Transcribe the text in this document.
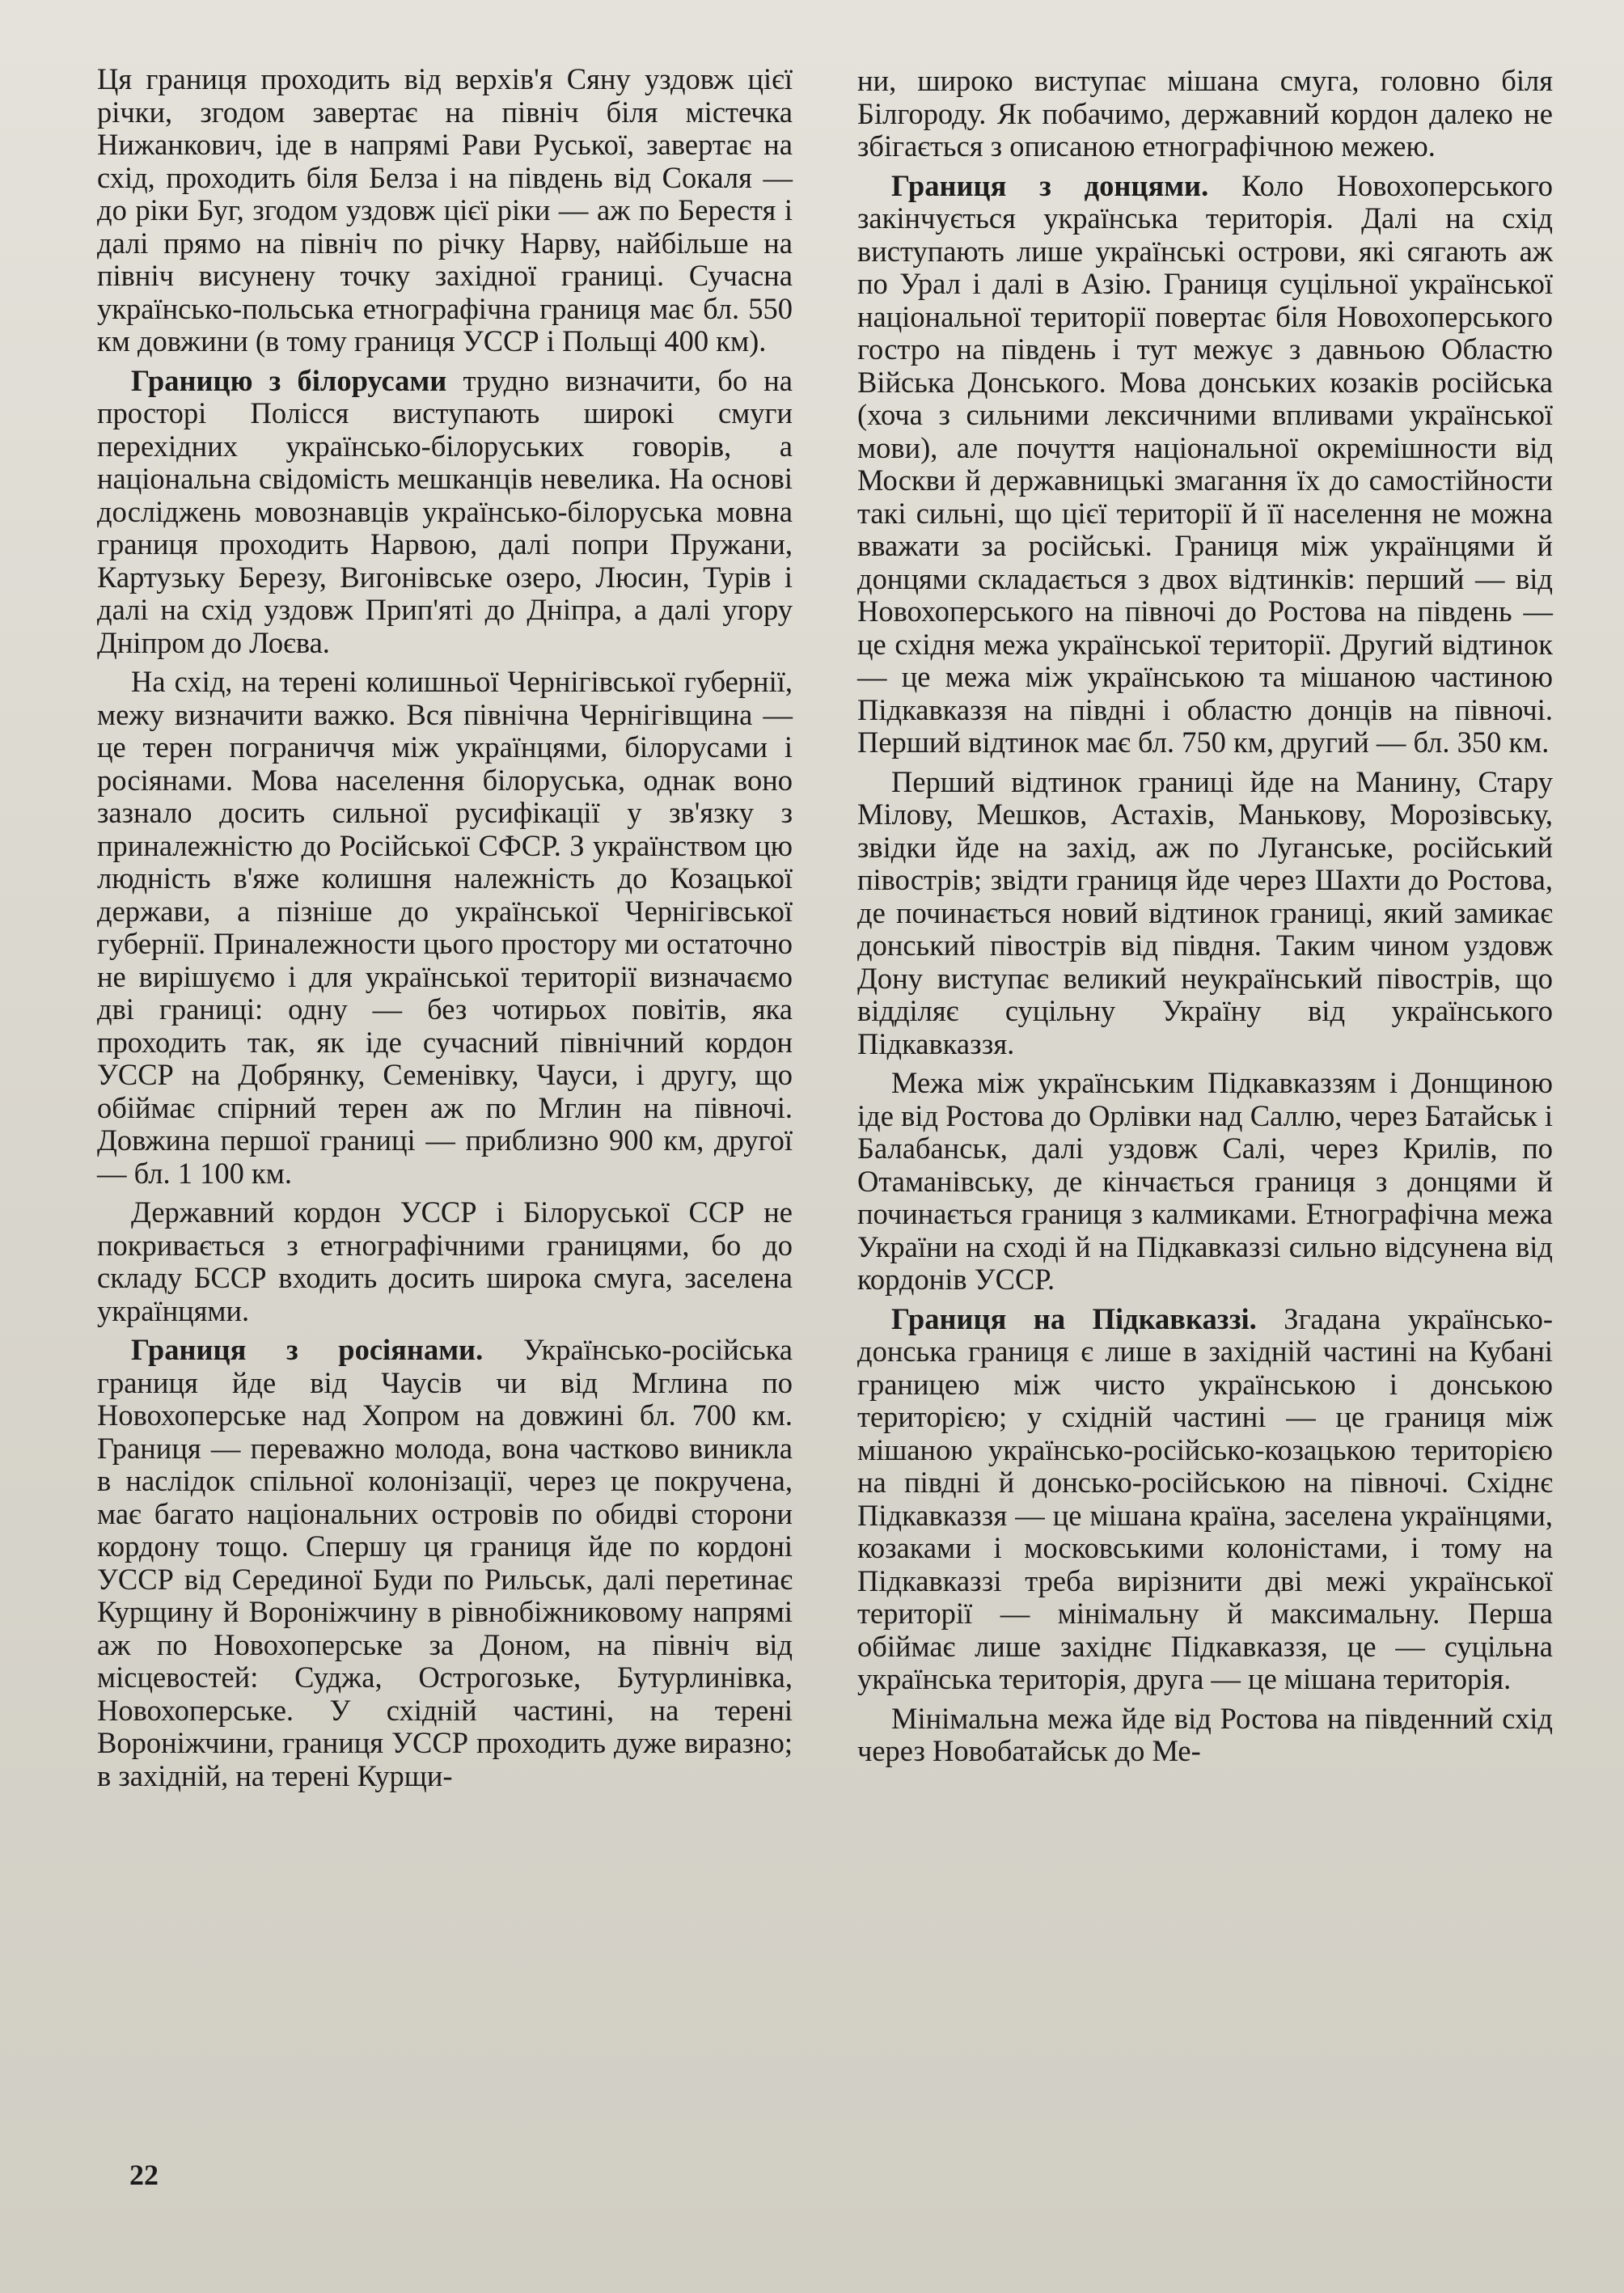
Ця границя проходить від верхів'я Сяну уздовж цієї річки, згодом завертає на північ біля містечка Нижанкович, іде в напрямі Рави Руської, завертає на схід, проходить біля Белза і на південь від Сокаля — до ріки Буг, згодом уздовж цієї ріки — аж по Берестя і далі прямо на північ по річку Нарву, найбільше на північ висунену точку західної границі. Сучасна українсько-польська етнографічна границя має бл. 550 км довжини (в тому границя УССР і Польщі 400 км).

Границю з білорусами трудно визначити, бо на просторі Полісся виступають широкі смуги перехідних українсько-білоруських говорів, а національна свідомість мешканців невелика. На основі досліджень мовознавців українсько-білоруська мовна границя проходить Нарвою, далі попри Пружани, Картузьку Березу, Вигонівське озеро, Люсин, Турів і далі на схід уздовж Прип'яті до Дніпра, а далі угору Дніпром до Лоєва.

На схід, на терені колишньої Чернігівської губернії, межу визначити важко. Вся північна Чернігівщина — це терен пограниччя між українцями, білорусами і росіянами. Мова населення білоруська, однак воно зазнало досить сильної русифікації у зв'язку з приналежністю до Російської СФСР. З українством цю людність в'яже колишня належність до Козацької держави, а пізніше до української Чернігівської губернії. Приналежности цього простору ми остаточно не вирішуємо і для української території визначаємо дві границі: одну — без чотирьох повітів, яка проходить так, як іде сучасний північний кордон УССР на Добрянку, Семенівку, Чауси, і другу, що обіймає спірний терен аж по Мглин на півночі. Довжина першої границі — приблизно 900 км, другої — бл. 1 100 км.

Державний кордон УССР і Білоруської ССР не покривається з етнографічними границями, бо до складу БССР входить досить широка смуга, заселена українцями.

Границя з росіянами. Українсько-російська границя йде від Чаусів чи від Мглина по Новохоперське над Хопром на довжині бл. 700 км. Границя — переважно молода, вона частково виникла в наслідок спільної колонізації, через це покручена, має багато національних островів по обидві сторони кордону тощо. Спершу ця границя йде по кордоні УССР від Серединої Буди по Рильськ, далі перетинає Курщину й Вороніжчину в рівнобіжниковому напрямі аж по Новохоперське за Доном, на північ від місцевостей: Суджа, Острогозьке, Бутурлинівка, Новохоперське. У східній частині, на терені Вороніжчини, границя УССР проходить дуже виразно; в західній, на терені Курщи-

ни, широко виступає мішана смуга, головно біля Білгороду. Як побачимо, державний кордон далеко не збігається з описаною етнографічною межею.

Границя з донцями. Коло Новохоперського закінчується українська територія. Далі на схід виступають лише українські острови, які сягають аж по Урал і далі в Азію. Границя суцільної української національної території повертає біля Новохоперського гостро на південь і тут межує з давньою Областю Війська Донського. Мова донських козаків російська (хоча з сильними лексичними впливами української мови), але почуття національної окремішности від Москви й державницькі змагання їх до самостійности такі сильні, що цієї території й її населення не можна вважати за російські. Границя між українцями й донцями складається з двох відтинків: перший — від Новохоперського на півночі до Ростова на південь — це східня межа української території. Другий відтинок — це межа між українською та мішаною частиною Підкавказзя на півдні і областю донців на півночі. Перший відтинок має бл. 750 км, другий — бл. 350 км.

Перший відтинок границі йде на Манину, Стару Мілову, Мешков, Астахів, Манькову, Морозівську, звідки йде на захід, аж по Луганське, російський півострів; звідти границя йде через Шахти до Ростова, де починається новий відтинок границі, який замикає донський півострів від півдня. Таким чином уздовж Дону виступає великий неукраїнський півострів, що відділяє суцільну Україну від українського Підкавказзя.

Межа між українським Підкавказзям і Донщиною іде від Ростова до Орлівки над Саллю, через Батайськ і Балабанськ, далі уздовж Салі, через Крилів, по Отаманівську, де кінчається границя з донцями й починається границя з калмиками. Етнографічна межа України на сході й на Підкавказзі сильно відсунена від кордонів УССР.

Границя на Підкавказзі. Згадана українсько-донська границя є лише в західній частині на Кубані границею між чисто українською і донською територією; у східній частині — це границя між мішаною українсько-російсько-козацькою територією на півдні й донсько-російською на півночі. Східнє Підкавказзя — це мішана країна, заселена українцями, козаками і московськими колоністами, і тому на Підкавказзі треба вирізнити дві межі української території — мінімальну й максимальну. Перша обіймає лише західнє Підкавказзя, це — суцільна українська територія, друга — це мішана територія.

Мінімальна межа йде від Ростова на південний схід через Новобатайськ до Ме-

22
